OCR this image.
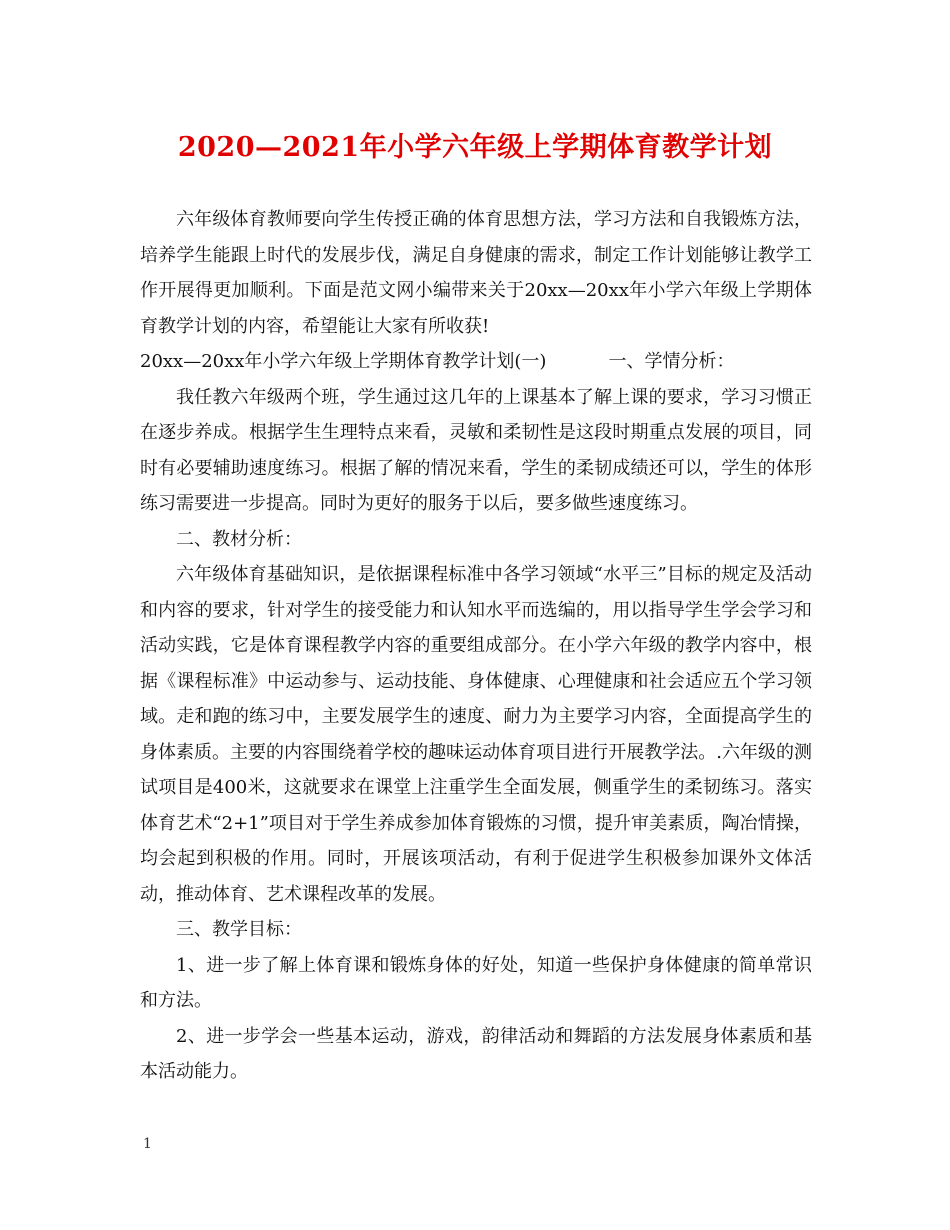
2020—2021年小学六年级上学期体育教学计划

六年级体育教师要向学生传授正确的体育思想方法，学习方法和自我锻炼方法，培养学生能跟上时代的发展步伐，满足自身健康的需求，制定工作计划能够让教学工作开展得更加顺利。下面是范文网小编带来关于20xx—20xx年小学六年级上学期体育教学计划的内容，希望能让大家有所收获!

20xx—20xx年小学六年级上学期体育教学计划(一)	一、学情分析：

我任教六年级两个班，学生通过这几年的上课基本了解上课的要求，学习习惯正在逐步养成。根据学生生理特点来看，灵敏和柔韧性是这段时期重点发展的项目，同时有必要辅助速度练习。根据了解的情况来看，学生的柔韧成绩还可以，学生的体形练习需要进一步提高。同时为更好的服务于以后，要多做些速度练习。

二、教材分析：

六年级体育基础知识，是依据课程标准中各学习领域“水平三”目标的规定及活动和内容的要求，针对学生的接受能力和认知水平而选编的，用以指导学生学会学习和活动实践，它是体育课程教学内容的重要组成部分。在小学六年级的教学内容中，根据《课程标准》中运动参与、运动技能、身体健康、心理健康和社会适应五个学习领域。走和跑的练习中，主要发展学生的速度、耐力为主要学习内容，全面提高学生的身体素质。主要的内容围绕着学校的趣味运动体育项目进行开展教学法。.六年级的测试项目是400米，这就要求在课堂上注重学生全面发展，侧重学生的柔韧练习。落实体育艺术“2+1”项目对于学生养成参加体育锻炼的习惯，提升审美素质，陶冶情操，均会起到积极的作用。同时，开展该项活动，有利于促进学生积极参加课外文体活动，推动体育、艺术课程改革的发展。

三、教学目标：

1、进一步了解上体育课和锻炼身体的好处，知道一些保护身体健康的简单常识和方法。

2、进一步学会一些基本运动，游戏，韵律活动和舞蹈的方法发展身体素质和基本活动能力。

1
